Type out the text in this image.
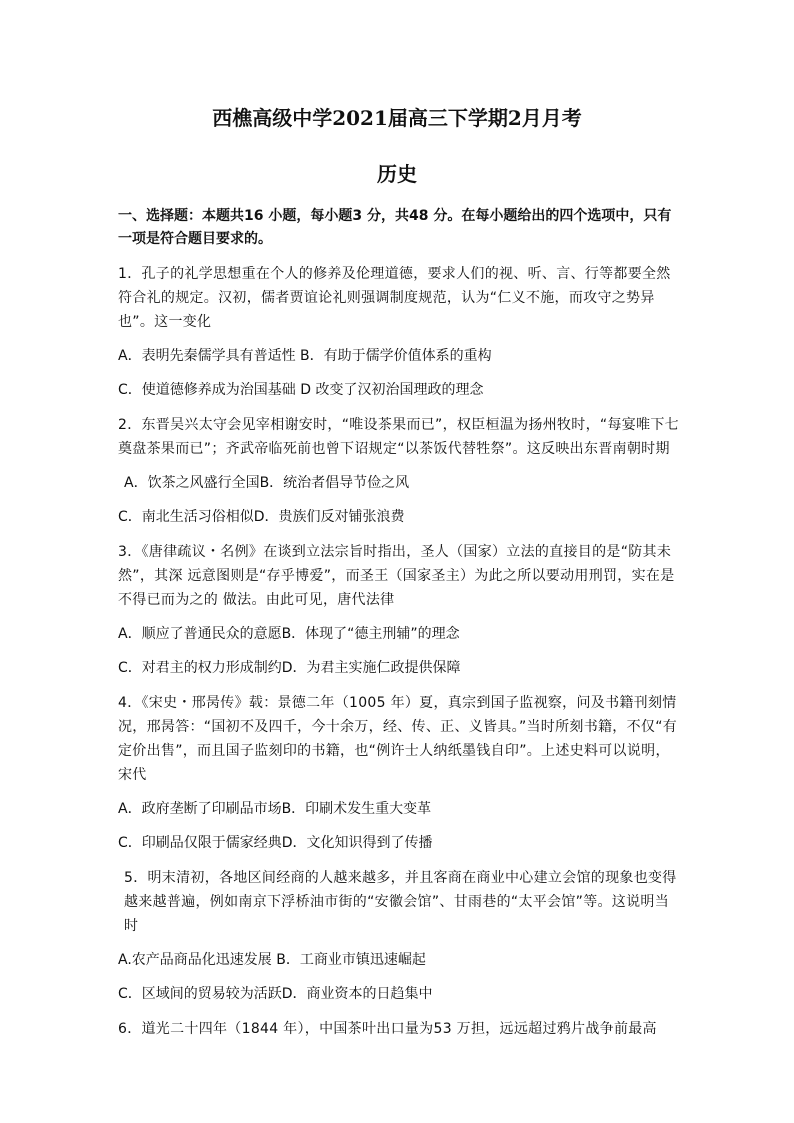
西樵高级中学2021届高三下学期2月月考
历史
一、选择题：本题共16 小题，每小题3 分，共48 分。在每小题给出的四个选项中，只有一项是符合题目要求的。
1．孔子的礼学思想重在个人的修养及伦理道德，要求人们的视、听、言、行等都要全然符合礼的规定。汉初，儒者贾谊论礼则强调制度规范，认为“仁义不施，而攻守之势异也”。这一变化
A．表明先秦儒学具有普适性 B．有助于儒学价值体系的重构
C．使道德修养成为治国基础 D 改变了汉初治国理政的理念
2．东晋吴兴太守会见宰相谢安时，“唯设茶果而已”，权臣桓温为扬州牧时，“每宴唯下七奠盘茶果而已”；齐武帝临死前也曾下诏规定“以茶饭代替牲祭”。这反映出东晋南朝时期
A．饮茶之风盛行全国B．统治者倡导节俭之风
C．南北生活习俗相似D．贵族们反对铺张浪费
3．《唐律疏议・名例》在谈到立法宗旨时指出，圣人（国家）立法的直接目的是“防其未然”，其深 远意图则是“存乎博爱”，而圣王（国家圣主）为此之所以要动用刑罚，实在是不得已而为之的 做法。由此可见，唐代法律
A．顺应了普通民众的意愿B．体现了“德主刑辅”的理念
C．对君主的权力形成制约D．为君主实施仁政提供保障
4．《宋史・邢昺传》载：景德二年（1005 年）夏，真宗到国子监视察，问及书籍刊刻情况，邢昺答：“国初不及四千，今十余万，经、传、正、义皆具。”当时所刻书籍，不仅“有定价出售”，而且国子监刻印的书籍，也“例许士人纳纸墨钱自印”。上述史料可以说明，宋代
A．政府垄断了印刷品市场B．印刷术发生重大变革
C．印刷品仅限于儒家经典D．文化知识得到了传播
5．明末清初，各地区间经商的人越来越多，并且客商在商业中心建立会馆的现象也变得越来越普遍，例如南京下浮桥油市街的“安徽会馆”、甘雨巷的“太平会馆”等。这说明当时
A.农产品商品化迅速发展 B．工商业市镇迅速崛起
C．区域间的贸易较为活跃D．商业资本的日趋集中
6．道光二十四年（1844 年），中国茶叶出口量为53 万担，远远超过鸦片战争前最高
